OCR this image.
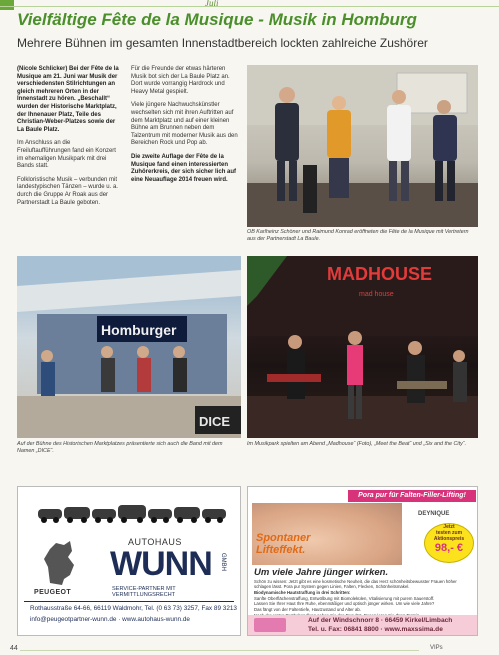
Juli
Vielfältige Fête de la Musique - Musik in Homburg
Mehrere Bühnen im gesamten Innenstadtbereich lockten zahlreiche Zushörer

(Nicole Schlicker) Bei der Fête de la Musique am 21. Juni war Musik der verschiedensten Stilrichtungen an gleich mehreren Orten in der Innenstadt zu hören. „Beschallt“ wurden der Historische Marktplatz, der Ihnenauer Platz, Teile des Christian-Weber-Platzes sowie der La Baule Platz.

Im Anschluss an die Freiluftaufführungen fand ein Konzert im ehemaligen Musikpark mit drei Bands statt.

Folkloristische Musik – verbunden mit landestypischen Tänzen – wurde u. a. durch die Gruppe Ar Roak aus der Partnerstadt La Baule geboten.

Für die Freunde der etwas härteren Musik bot sich der La Baule Platz an. Dort wurde vorrangig Hardrock und Heavy Metal gespielt.

Viele jüngere Nachwuchskünstler wechselten sich mit ihren Auftritten auf dem Marktplatz und auf einer kleinen Bühne am Brunnen neben dem Talzentrum mit moderner Musik aus den Bereichen Rock und Pop ab.

Die zweite Auflage der Fête de la Musique fand einen interessierten Zuhörerkreis, der sich sicher lich auf eine Neuauflage 2014 freuen wird.

OB Karlheinz Schöner und Raimund Konrad eröffneten die Fête de la Musique mit Vertretern aus der Partnerstadt La Baule.
Homburger
DICE
Auf der Bühne des Historischen Marktplatzes präsentierte sich auch die Band mit dem Namen „DICE“.
MADHOUSE
mad house
Im Musikpark spielten am Abend „Madhouse“ (Foto), „Meet the Beat“ und „Six and the City“.
AUTOHAUS
WUNN GMBH
SERVICE-PARTNER MIT VERMITTLUNGSRECHT
PEUGEOT
Rothausstraße 64-66, 66119 Waldmohr, Tel. (0 63 73) 3257, Fax 89 3213
info@peugeotpartner-wunn.de · www.autohaus-wunn.de
Pora pur für Falten-Filler-Lifting!
DEYNIQUE
Spontaner
Lifteffekt.
Jetzt
testen zum
Aktionspreis
98,- €
Um viele Jahre jünger wirken.
Schön zu wissen: Jetzt gibt es eine kosmetische Neuheit, die das Herz schönheitsbewusster Frauen höher schlagen lässt. Pora pur System gegen Linien, Falten, Flecken, Schönheitsmakel.
Biodynamische Hautstraffung in drei Schritten:
Sanfte Oberflächenstraffung, Entwölbung mit Biomolekülen, Vitalisierung mit purem Sauerstoff.
Lassen Sie Ihrer Haut Ihre Ruhe, ebenmäßiger und optisch jünger wirken. Um wie viele Jahre?
Das fängt von der Faltentiefe, Hautzustand und Alter ab.
Auf der Windschnorr 8 · 66459 Kirkel/Limbach
Tel. u. Fax: 06841 8800 · www.maxssima.de
44	VIPs
